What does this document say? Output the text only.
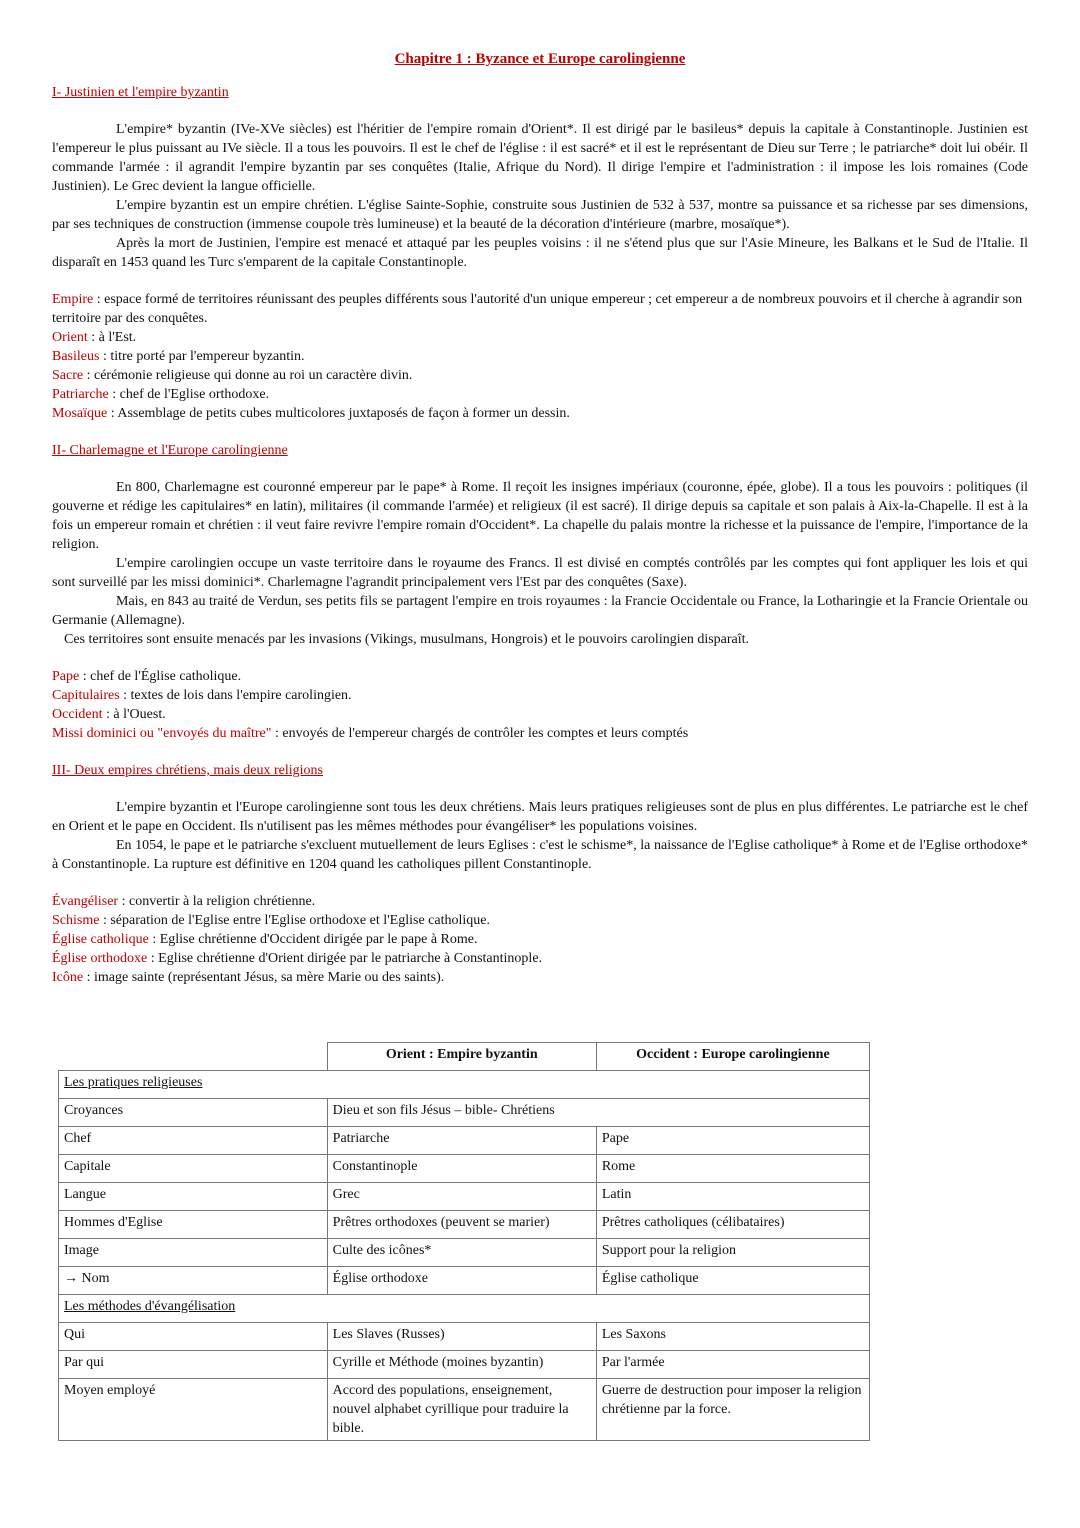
Chapitre 1 : Byzance et Europe carolingienne
I- Justinien et l'empire byzantin

L'empire* byzantin (IVe-XVe siècles) est l'héritier de l'empire romain d'Orient*. Il est dirigé par le basileus* depuis la capitale à Constantinople. Justinien est l'empereur le plus puissant au IVe siècle. Il a tous les pouvoirs. Il est le chef de l'église : il est sacré* et il est le représentant de Dieu sur Terre ; le patriarche* doit lui obéir. Il commande l'armée : il agrandit l'empire byzantin par ses conquêtes (Italie, Afrique du Nord). Il dirige l'empire et l'administration : il impose les lois romaines (Code Justinien). Le Grec devient la langue officielle.

L'empire byzantin est un empire chrétien. L'église Sainte-Sophie, construite sous Justinien de 532 à 537, montre sa puissance et sa richesse par ses dimensions, par ses techniques de construction (immense coupole très lumineuse) et la beauté de la décoration d'intérieure (marbre, mosaïque*).

Après la mort de Justinien, l'empire est menacé et attaqué par les peuples voisins : il ne s'étend plus que sur l'Asie Mineure, les Balkans et le Sud de l'Italie. Il disparaît en 1453 quand les Turc s'emparent de la capitale Constantinople.

Empire : espace formé de territoires réunissant des peuples différents sous l'autorité d'un unique empereur ; cet empereur a de nombreux pouvoirs et il cherche à agrandir son territoire par des conquêtes.

Orient : à l'Est.

Basileus : titre porté par l'empereur byzantin.

Sacre : cérémonie religieuse qui donne au roi un caractère divin.

Patriarche : chef de l'Eglise orthodoxe.

Mosaïque : Assemblage de petits cubes multicolores juxtaposés de façon à former un dessin.

II- Charlemagne et l'Europe carolingienne

En 800, Charlemagne est couronné empereur par le pape* à Rome. Il reçoit les insignes impériaux (couronne, épée, globe). Il a tous les pouvoirs : politiques (il gouverne et rédige les capitulaires* en latin), militaires (il commande l'armée) et religieux (il est sacré). Il dirige depuis sa capitale et son palais à Aix-la-Chapelle. Il est à la fois un empereur romain et chrétien : il veut faire revivre l'empire romain d'Occident*. La chapelle du palais montre la richesse et la puissance de l'empire, l'importance de la religion.

L'empire carolingien occupe un vaste territoire dans le royaume des Francs. Il est divisé en comptés contrôlés par les comptes qui font appliquer les lois et qui sont surveillé par les missi dominici*. Charlemagne l'agrandit principalement vers l'Est par des conquêtes (Saxe).

Mais, en 843 au traité de Verdun, ses petits fils se partagent l'empire en trois royaumes : la Francie Occidentale ou France, la Lotharingie et la Francie Orientale ou Germanie (Allemagne).

Ces territoires sont ensuite menacés par les invasions (Vikings, musulmans, Hongrois) et le pouvoirs carolingien disparaît.

Pape : chef de l'Église catholique.

Capitulaires : textes de lois dans l'empire carolingien.

Occident : à l'Ouest.

Missi dominici ou "envoyés du maître" : envoyés de l'empereur chargés de contrôler les comptes et leurs comptés

III- Deux empires chrétiens, mais deux religions

L'empire byzantin et l'Europe carolingienne sont tous les deux chrétiens. Mais leurs pratiques religieuses sont de plus en plus différentes. Le patriarche est le chef en Orient et le pape en Occident. Ils n'utilisent pas les mêmes méthodes pour évangéliser* les populations voisines.

En 1054, le pape et le patriarche s'excluent mutuellement de leurs Eglises : c'est le schisme*, la naissance de l'Eglise catholique* à Rome et de l'Eglise orthodoxe* à Constantinople. La rupture est définitive en 1204 quand les catholiques pillent Constantinople.

Évangéliser : convertir à la religion chrétienne.

Schisme : séparation de l'Eglise entre l'Eglise orthodoxe et l'Eglise catholique.

Église catholique : Eglise chrétienne d'Occident dirigée par le pape à Rome.

Église orthodoxe : Eglise chrétienne d'Orient dirigée par le patriarche à Constantinople.

Icône : image sainte (représentant Jésus, sa mère Marie ou des saints).

	Orient : Empire byzantin	Occident : Europe carolingienne
Les pratiques religieuses		
Croyances	Dieu et son fils Jésus – bible- Chrétiens	
Chef	Patriarche	Pape
Capitale	Constantinople	Rome
Langue	Grec	Latin
Hommes d'Eglise	Prêtres orthodoxes (peuvent se marier)	Prêtres catholiques (célibataires)
Image	Culte des icônes*	Support pour la religion
→ Nom	Église orthodoxe	Église catholique
Les méthodes d'évangélisation		
Qui	Les Slaves (Russes)	Les Saxons
Par qui	Cyrille et Méthode (moines byzantin)	Par l'armée
Moyen employé	Accord des populations, enseignement, nouvel alphabet cyrillique pour traduire la bible.	Guerre de destruction pour imposer la religion chrétienne par la force.
